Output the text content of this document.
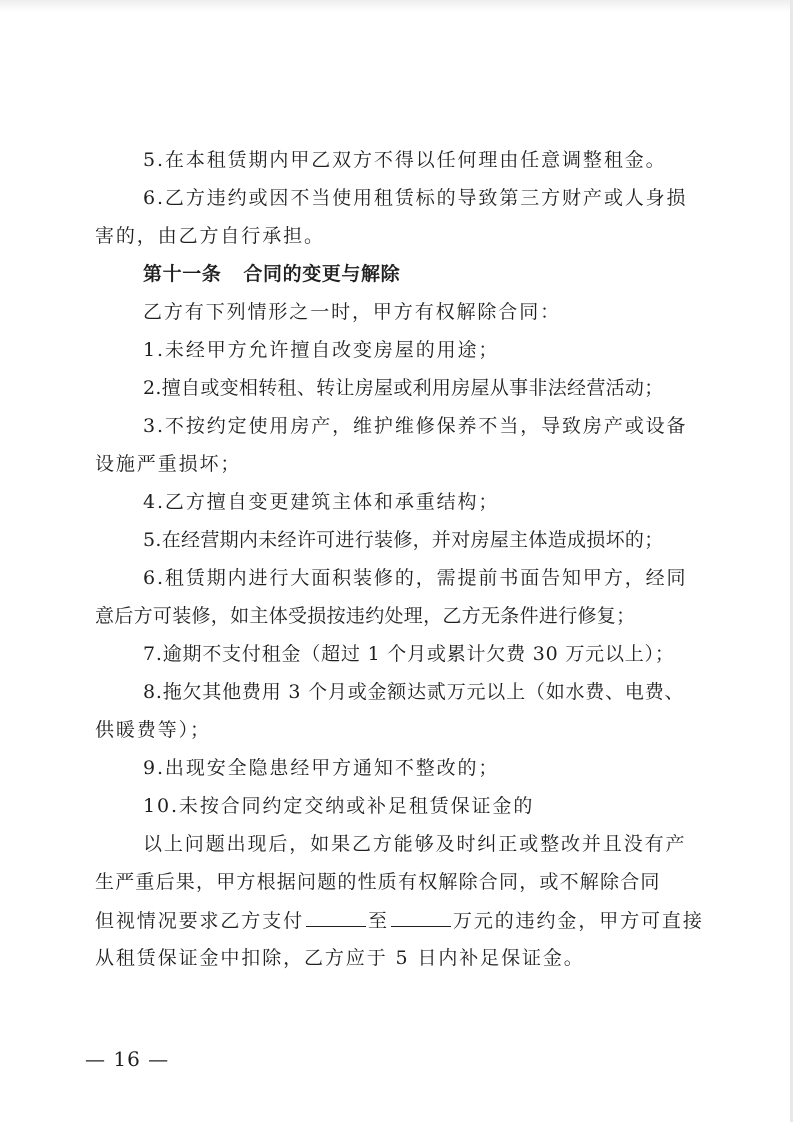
5.在本租赁期内甲乙双方不得以任何理由任意调整租金。
6.乙方违约或因不当使用租赁标的导致第三方财产或人身损
害的，由乙方自行承担。
第十一条 合同的变更与解除
乙方有下列情形之一时，甲方有权解除合同：
1.未经甲方允许擅自改变房屋的用途；
2.擅自或变相转租、转让房屋或利用房屋从事非法经营活动；
3.不按约定使用房产，维护维修保养不当，导致房产或设备
设施严重损坏；
4.乙方擅自变更建筑主体和承重结构；
5.在经营期内未经许可进行装修，并对房屋主体造成损坏的；
6.租赁期内进行大面积装修的，需提前书面告知甲方，经同
意后方可装修，如主体受损按违约处理，乙方无条件进行修复；
7.逾期不支付租金（超过 1 个月或累计欠费 30 万元以上）；
8.拖欠其他费用 3 个月或金额达贰万元以上（如水费、电费、
供暖费等）；
9.出现安全隐患经甲方通知不整改的；
10.未按合同约定交纳或补足租赁保证金的
以上问题出现后，如果乙方能够及时纠正或整改并且没有产
生严重后果，甲方根据问题的性质有权解除合同，或不解除合同
但视情况要求乙方支付	至	万元的违约金，甲方可直接
从租赁保证金中扣除，乙方应于 5 日内补足保证金。
— 16 —
